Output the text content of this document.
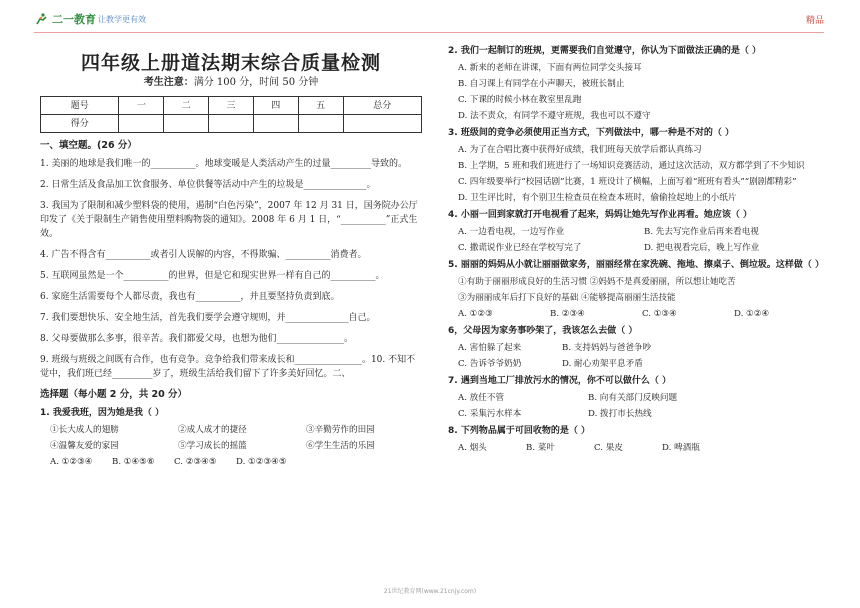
二一教育 让教学更有效	精品
四年级上册道法期末综合质量检测
考生注意：满分 100 分，时间 50 分钟
题号	一	二	三	四	五	总分
得分						
一、填空题。(26 分）
1. 美丽的地球是我们唯一的__________。地球变暖是人类活动产生的过量_________导致的。
2. 日常生活及食品加工饮食服务、单位供餐等活动中产生的垃圾是______________。
3. 我国为了限制和减少塑料袋的使用，遏制“白色污染”，2007 年 12 月 31 日，国务院办公厅印发了《关于限制生产销售使用塑料购物袋的通知》。2008 年 6 月 1 日，“__________”正式生效。
4. 广告不得含有__________或者引人误解的内容，不得欺骗、__________消费者。
5. 互联网虽然是一个__________的世界，但是它和现实世界一样有自己的__________。
6. 家庭生活需要每个人都尽责，我也有__________，并且要坚持负责到底。
7. 我们要想快乐、安全地生活，首先我们要学会遵守规则，并______________自己。
8. 父母要做那么多事，很辛苦。我们都爱父母，也想为他们_______________。
9. 班级与班级之间既有合作，也有竞争。竞争给我们带来成长和_______________。10. 不知不觉中，我们班已经_________岁了，班级生活给我们留下了许多美好回忆。二、
选择题（每小题 2 分，共 20 分）
1. 我爱我班，因为她是我（ ）
①长大成人的翅膀	②成人成才的捷径	③辛勤劳作的田园
④温馨友爱的家园	⑤学习成长的摇篮	⑥学生生活的乐园
A. ①②③④	B. ①④⑤⑥	C. ②③④⑤	D. ①②③④⑤
2. 我们一起制订的班规，更需要我们自觉遵守，你认为下面做法正确的是（ ）
A. 新来的老师在讲课，下面有两位同学交头接耳
B. 自习课上有同学在小声聊天，被班长制止
C. 下课的时候小林在教室里乱跑
D. 法不责众，有同学不遵守班规，我也可以不遵守
3. 班级间的竞争必须使用正当方式，下列做法中，哪一种是不对的（ ）
A. 为了在合唱比赛中获得好成绩，我们班每天放学后都认真练习
B. 上学期，5 班和我们班进行了一场知识竞赛活动，通过这次活动，双方都学到了不少知识
C. 四年级要举行“校园话剧”比赛，1 班设计了横幅，上面写着“班班有看头”“剧剧都精彩”
D. 卫生评比时，有个别卫生检查员在检查本班时，偷偷捡起地上的小纸片
4. 小丽一回到家就打开电视看了起来，妈妈让她先写作业再看。她应该（ ）
A. 一边看电视，一边写作业	B. 先去写完作业后再来看电视
C. 撒谎说作业已经在学校写完了	D. 把电视看完后，晚上写作业
5. 丽丽的妈妈从小就让丽丽做家务，丽丽经常在家洗碗、拖地、擦桌子、倒垃圾。这样做（ ）
①有助于丽丽形成良好的生活习惯 ②妈妈不是真爱丽丽，所以想让她吃苦
③为丽丽成年后打下良好的基础 ④能够提高丽丽生活技能
A. ①②③	B. ②③④	C. ①③④	D. ①②④
6，父母因为家务事吵架了，我该怎么去做（ ）
A. 害怕躲了起来	B. 支持妈妈与爸爸争吵
C. 告诉爷爷奶奶	D. 耐心劝架平息矛盾
7. 遇到当地工厂排放污水的情况，你不可以做什么（ ）
A. 放任不管	B. 向有关部门反映问题
C. 采集污水样本	D. 拨打市长热线
8. 下列物品属于可回收物的是（ ）
A. 烟头	B. 菜叶	C. 果皮	D. 啤酒瓶
21世纪教育网(www.21cnjy.com)
